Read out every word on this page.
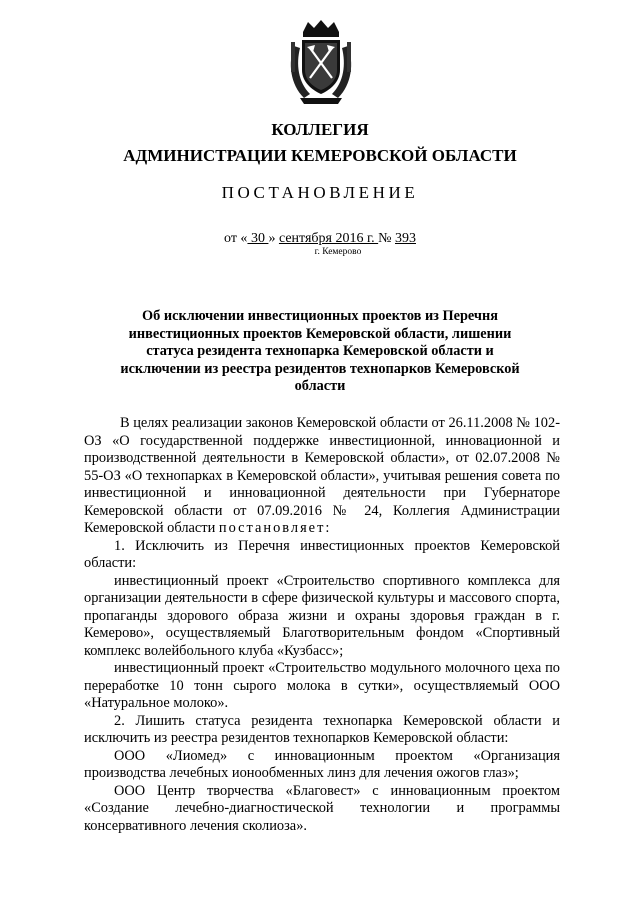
КОЛЛЕГИЯ
АДМИНИСТРАЦИИ КЕМЕРОВСКОЙ ОБЛАСТИ
ПОСТАНОВЛЕНИЕ
от « 30 » сентября 2016 г. № 393
г. Кемерово
Об исключении инвестиционных проектов из Перечня инвестиционных проектов Кемеровской области, лишении статуса резидента технопарка Кемеровской области и исключении из реестра резидентов технопарков Кемеровской области

В целях реализации законов Кемеровской области от 26.11.2008 № 102-ОЗ «О государственной поддержке инвестиционной, инновационной и производственной деятельности в Кемеровской области», от 02.07.2008 № 55-ОЗ «О технопарках в Кемеровской области», учитывая решения совета по инвестиционной и инновационной деятельности при Губернаторе Кемеровской области от 07.09.2016 № 24, Коллегия Администрации Кемеровской области постановляет:

1. Исключить из Перечня инвестиционных проектов Кемеровской области:

инвестиционный проект «Строительство спортивного комплекса для организации деятельности в сфере физической культуры и массового спорта, пропаганды здорового образа жизни и охраны здоровья граждан в г. Кемерово», осуществляемый Благотворительным фондом «Спортивный комплекс волейбольного клуба «Кузбасс»;

инвестиционный проект «Строительство модульного молочного цеха по переработке 10 тонн сырого молока в сутки», осуществляемый ООО «Натуральное молоко».

2. Лишить статуса резидента технопарка Кемеровской области и исключить из реестра резидентов технопарков Кемеровской области:

ООО «Лиомед» с инновационным проектом «Организация производства лечебных ионообменных линз для лечения ожогов глаз»;

ООО Центр творчества «Благовест» с инновационным проектом «Создание лечебно-диагностической технологии и программы консервативного лечения сколиоза».
